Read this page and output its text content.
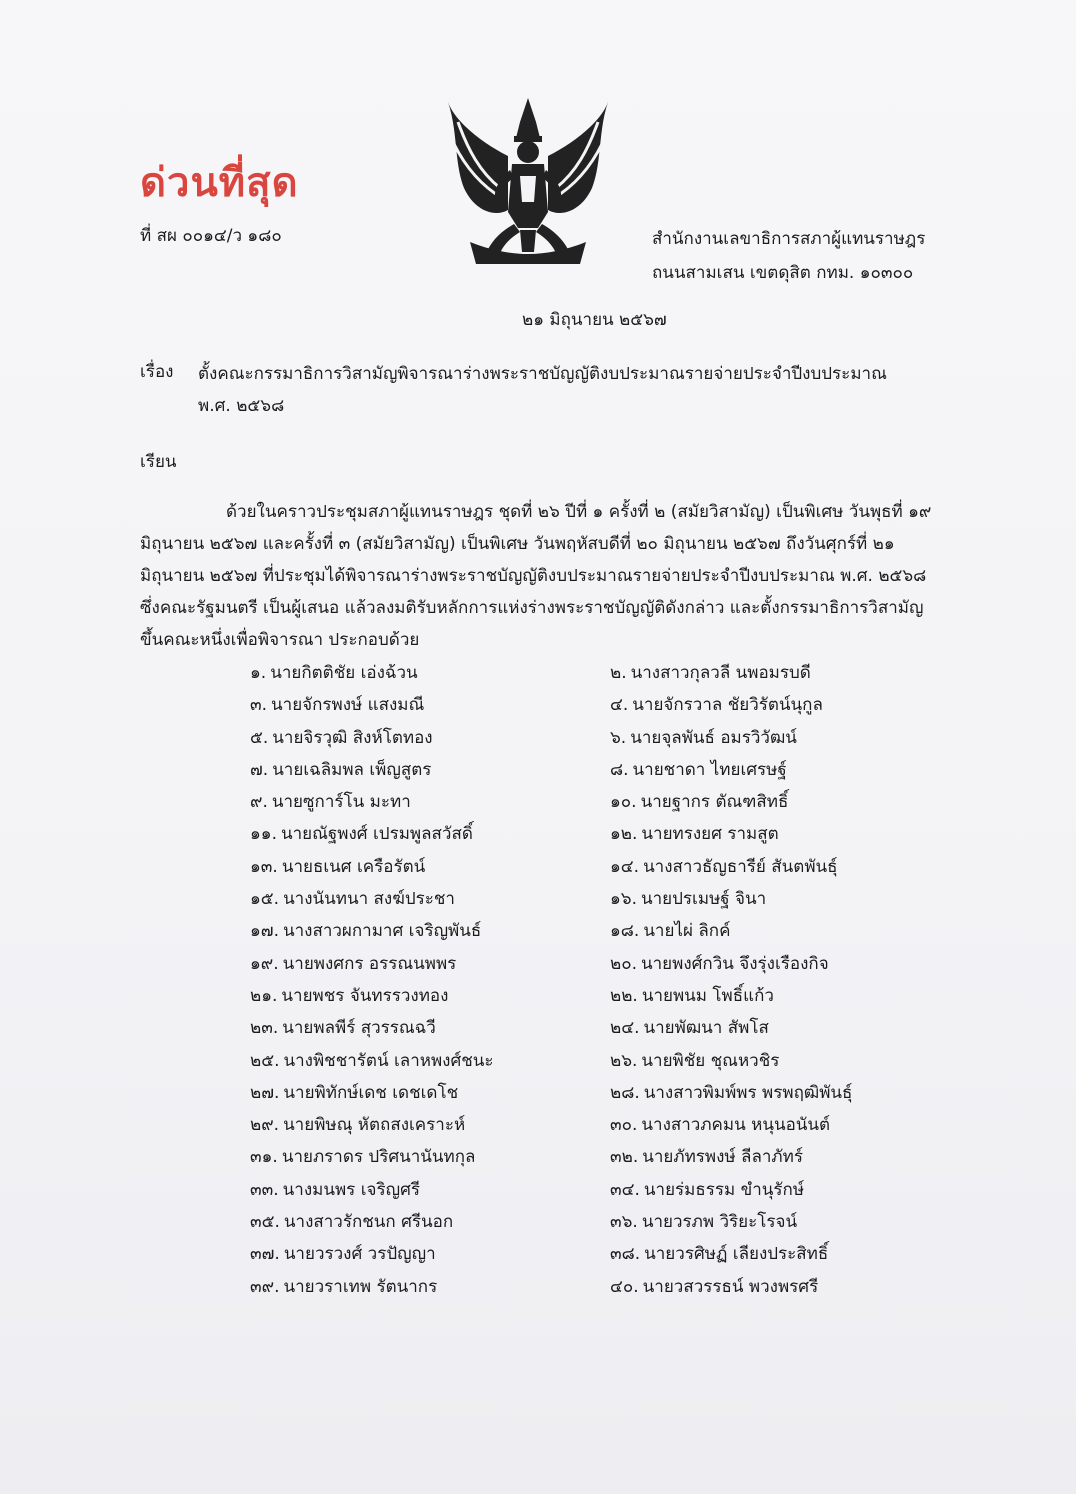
ด่วนที่สุด
ที่ สผ ๐๐๑๔/ว ๑๘๐	สำนักงานเลขาธิการสภาผู้แทนราษฎร
ถนนสามเสน เขตดุสิต กทม. ๑๐๓๐๐
๒๑ มิถุนายน ๒๕๖๗
เรื่อง ตั้งคณะกรรมาธิการวิสามัญพิจารณาร่างพระราชบัญญัติงบประมาณรายจ่ายประจำปีงบประมาณ
พ.ศ. ๒๕๖๘
เรียน
ด้วยในคราวประชุมสภาผู้แทนราษฎร ชุดที่ ๒๖ ปีที่ ๑ ครั้งที่ ๒ (สมัยวิสามัญ) เป็นพิเศษ วันพุธที่ ๑๙ มิถุนายน ๒๕๖๗ และครั้งที่ ๓ (สมัยวิสามัญ) เป็นพิเศษ วันพฤหัสบดีที่ ๒๐ มิถุนายน ๒๕๖๗ ถึงวันศุกร์ที่ ๒๑ มิถุนายน ๒๕๖๗ ที่ประชุมได้พิจารณาร่างพระราชบัญญัติงบประมาณรายจ่ายประจำปีงบประมาณ พ.ศ. ๒๕๖๘ ซึ่งคณะรัฐมนตรี เป็นผู้เสนอ แล้วลงมติรับหลักการแห่งร่างพระราชบัญญัติดังกล่าว และตั้งกรรมาธิการวิสามัญขึ้นคณะหนึ่งเพื่อพิจารณา ประกอบด้วย
๑. นายกิตติชัย เอ่งฉ้วน	๒. นางสาวกุลวลี นพอมรบดี
๓. นายจักรพงษ์ แสงมณี	๔. นายจักรวาล ชัยวิรัตน์นุกูล
๕. นายจิรวุฒิ สิงห์โตทอง	๖. นายจุลพันธ์ อมรวิวัฒน์
๗. นายเฉลิมพล เพ็ญสูตร	๘. นายชาดา ไทยเศรษฐ์
๙. นายซูการ์โน มะทา	๑๐. นายฐากร ตัณฑสิทธิ์
๑๑. นายณัฐพงศ์ เปรมพูลสวัสดิ์	๑๒. นายทรงยศ รามสูต
๑๓. นายธเนศ เครือรัตน์	๑๔. นางสาวธัญธารีย์ สันตพันธุ์
๑๕. นางนันทนา สงฆ์ประชา	๑๖. นายปรเมษฐ์ จินา
๑๗. นางสาวผกามาศ เจริญพันธ์	๑๘. นายไผ่ ลิกค์
๑๙. นายพงศกร อรรณนพพร	๒๐. นายพงศ์กวิน จึงรุ่งเรืองกิจ
๒๑. นายพชร จันทรรวงทอง	๒๒. นายพนม โพธิ์แก้ว
๒๓. นายพลพีร์ สุวรรณฉวี	๒๔. นายพัฒนา สัพโส
๒๕. นางพิชชารัตน์ เลาหพงศ์ชนะ	๒๖. นายพิชัย ชุณหวชิร
๒๗. นายพิทักษ์เดช เดชเดโช	๒๘. นางสาวพิมพ์พร พรพฤฒิพันธุ์
๒๙. นายพิษณุ หัตถสงเคราะห์	๓๐. นางสาวภคมน หนุนอนันต์
๓๑. นายภราดร ปริศนานันทกุล	๓๒. นายภัทรพงษ์ ลีลาภัทร์
๓๓. นางมนพร เจริญศรี	๓๔. นายร่มธรรม ขำนุรักษ์
๓๕. นางสาวรักชนก ศรีนอก	๓๖. นายวรภพ วิริยะโรจน์
๓๗. นายวรวงศ์ วรปัญญา	๓๘. นายวรศิษฏ์ เลียงประสิทธิ์
๓๙. นายวราเทพ รัตนากร	๔๐. นายวสวรรธน์ พวงพรศรี
